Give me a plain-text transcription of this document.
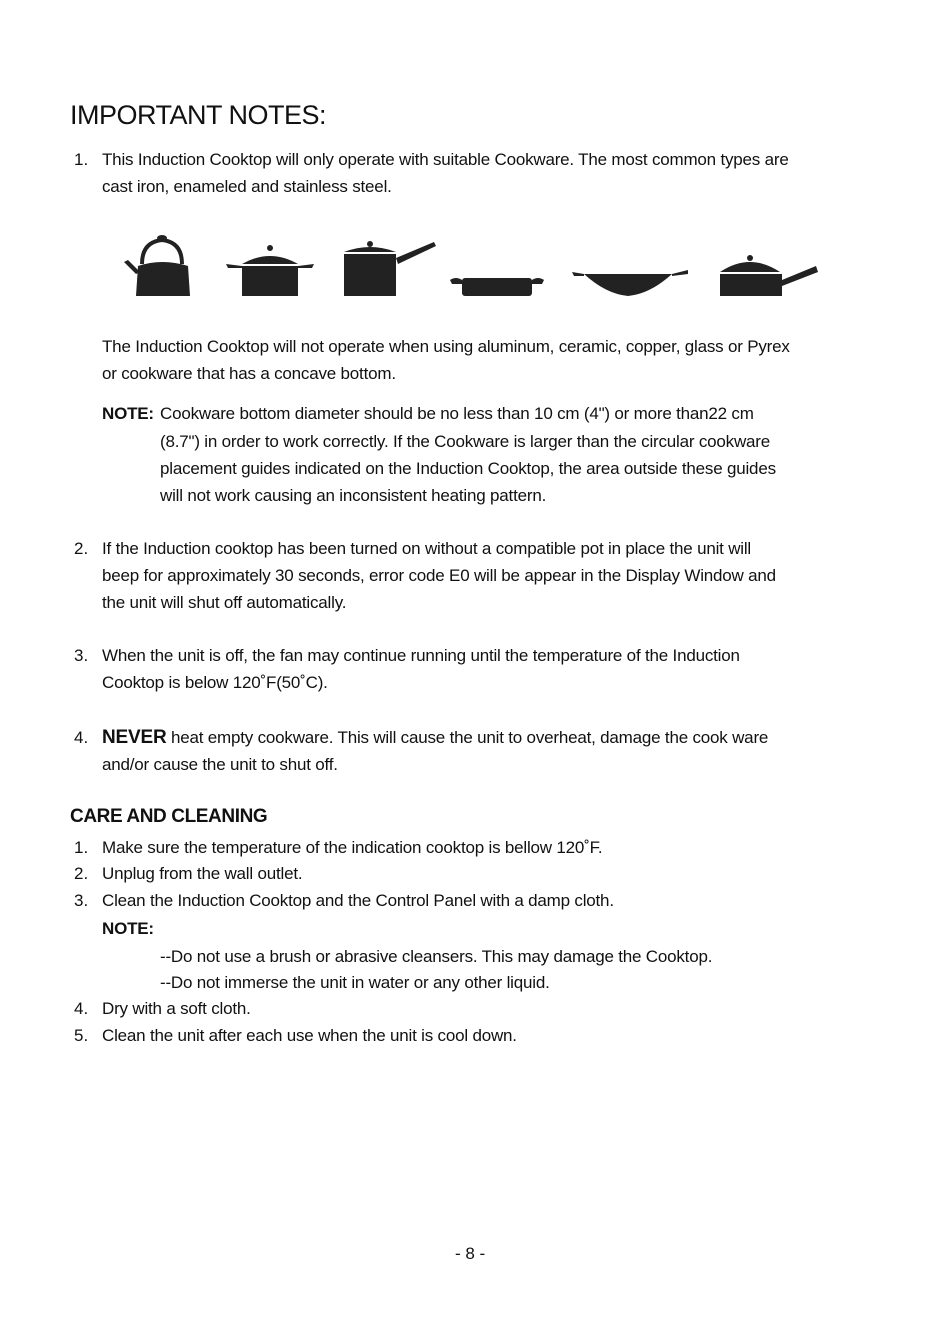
IMPORTANT NOTES:
1. This Induction Cooktop will only operate with suitable Cookware. The most common types are
cast iron, enameled and stainless steel.
The Induction Cooktop will not operate when using aluminum, ceramic, copper, glass or Pyrex
or cookware that has a concave bottom.
NOTE: Cookware bottom diameter should be no less than 10 cm (4") or more than22 cm
(8.7") in order to work correctly. If the Cookware is larger than the circular cookware
placement guides indicated on the Induction Cooktop, the area outside these guides
will not work causing an inconsistent heating pattern.
2. If the Induction cooktop has been turned on without a compatible pot in place the unit will
beep for approximately 30 seconds, error code E0 will be appear in the Display Window and
the unit will shut off automatically.
3. When the unit is off, the fan may continue running until the temperature of the Induction
Cooktop is below 120˚F(50˚C).
4. NEVER heat empty cookware. This will cause the unit to overheat, damage the cook ware
and/or cause the unit to shut off.
CARE AND CLEANING
1. Make sure the temperature of the indication cooktop is bellow 120˚F.
2. Unplug from the wall outlet.
3. Clean the Induction Cooktop and the Control Panel with a damp cloth.
NOTE:
--Do not use a brush or abrasive cleansers. This may damage the Cooktop.
--Do not immerse the unit in water or any other liquid.
4. Dry with a soft cloth.
5. Clean the unit after each use when the unit is cool down.
- 8 -
